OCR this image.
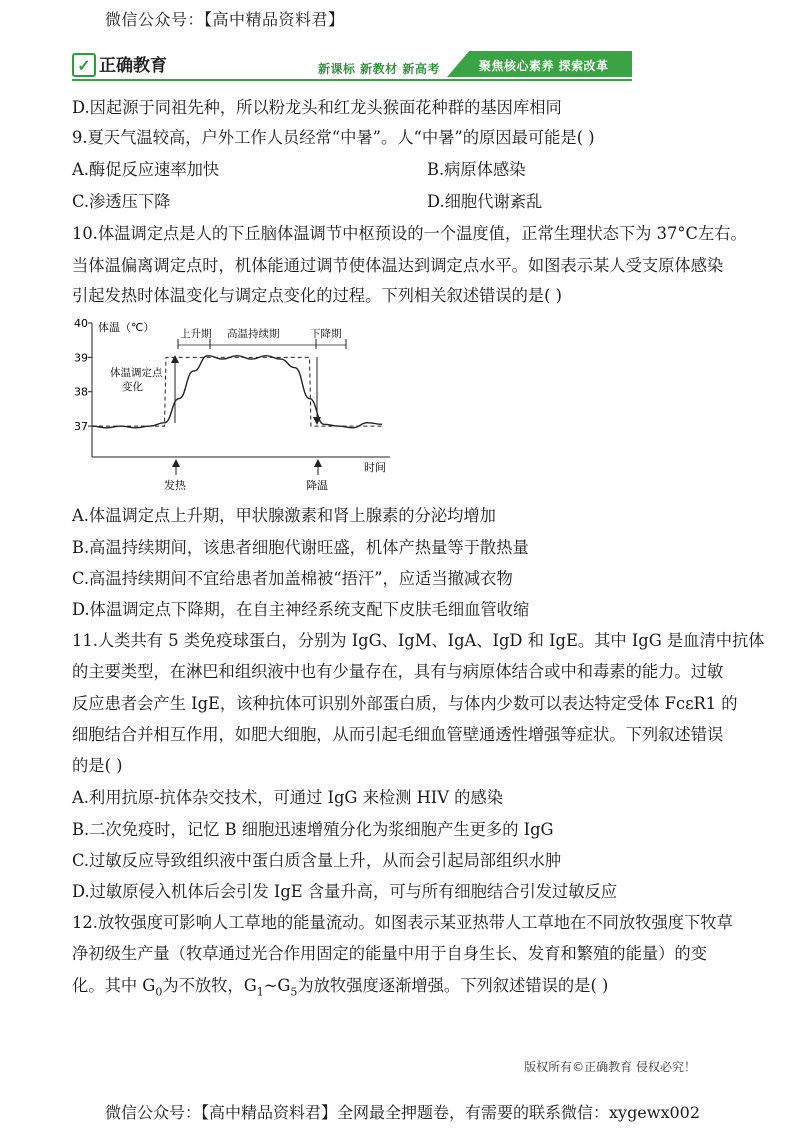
微信公众号：【高中精品资料君】
✓ 正确教育	新课标 新教材 新高考	聚焦核心素养 探索改革
D.因起源于同祖先种，所以粉龙头和红龙头猴面花种群的基因库相同
9.夏天气温较高，户外工作人员经常“中暑”。人“中暑”的原因最可能是( )
A.酶促反应速率加快	B.病原体感染
C.渗透压下降	D.细胞代谢紊乱
10.体温调定点是人的下丘脑体温调节中枢预设的一个温度值，正常生理状态下为 37°C左右。
当体温偏离调定点时，机体能通过调节使体温达到调定点水平。如图表示某人受支原体感染
引起发热时体温变化与调定点变化的过程。下列相关叙述错误的是( )
体温（℃）
时间
37
38
39
40
上升期 高温持续期	下降期
体温调定点
变化
发热	降温
A.体温调定点上升期，甲状腺激素和肾上腺素的分泌均增加
B.高温持续期间，该患者细胞代谢旺盛，机体产热量等于散热量
C.高温持续期间不宜给患者加盖棉被“捂汗”，应适当撤减衣物
D.体温调定点下降期，在自主神经系统支配下皮肤毛细血管收缩
11.人类共有 5 类免疫球蛋白，分别为 IgG、IgM、IgA、IgD 和 IgE。其中 IgG 是血清中抗体
的主要类型，在淋巴和组织液中也有少量存在，具有与病原体结合或中和毒素的能力。过敏
反应患者会产生 IgE，该种抗体可识别外部蛋白质，与体内少数可以表达特定受体 FcεR1 的
细胞结合并相互作用，如肥大细胞，从而引起毛细血管壁通透性增强等症状。下列叙述错误
的是( )
A.利用抗原-抗体杂交技术，可通过 IgG 来检测 HIV 的感染
B.二次免疫时，记忆 B 细胞迅速增殖分化为浆细胞产生更多的 IgG
C.过敏反应导致组织液中蛋白质含量上升，从而会引起局部组织水肿
D.过敏原侵入机体后会引发 IgE 含量升高，可与所有细胞结合引发过敏反应
12.放牧强度可影响人工草地的能量流动。如图表示某亚热带人工草地在不同放牧强度下牧草
净初级生产量（牧草通过光合作用固定的能量中用于自身生长、发育和繁殖的能量）的变
化。其中 $G_0$为不放牧，$G_1\sim G_5$为放牧强度逐渐增强。下列叙述错误的是( )
版权所有©正确教育 侵权必究！
微信公众号：【高中精品资料君】全网最全押题卷，有需要的联系微信：xygewx002
